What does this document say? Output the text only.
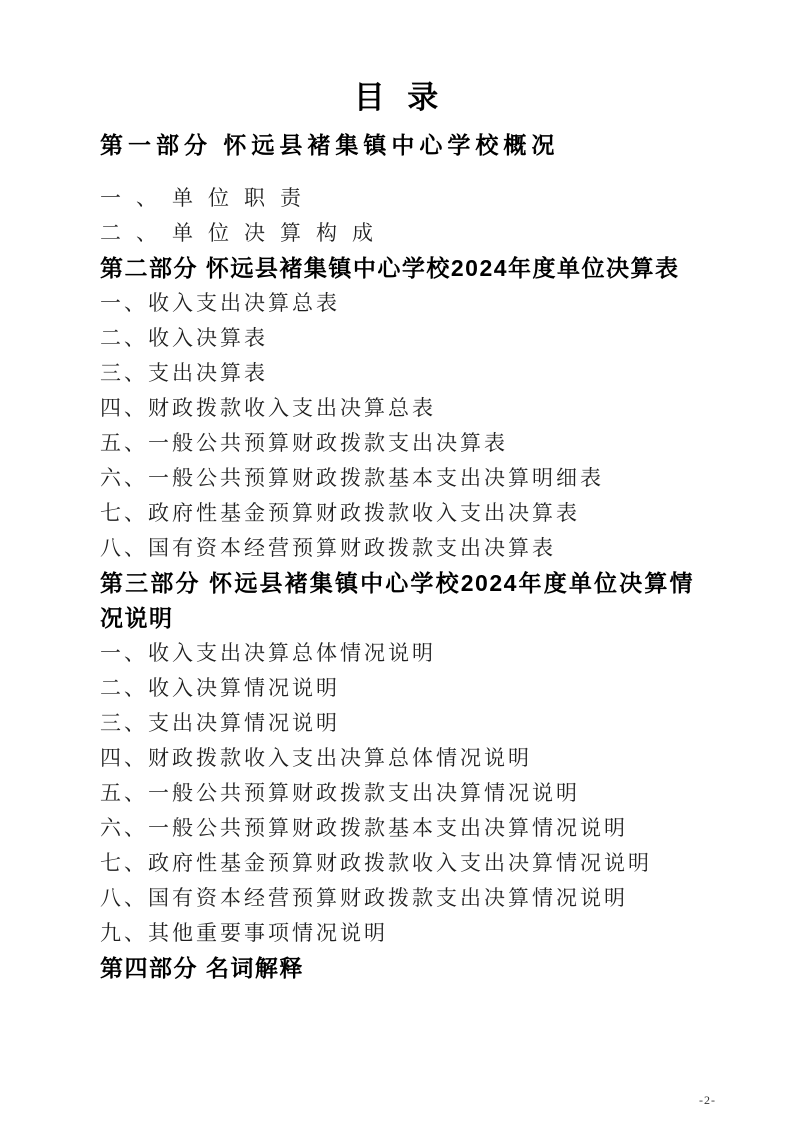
目 录
第一部分 怀远县褚集镇中心学校概况
一、单位职责
二、单位决算构成
第二部分 怀远县褚集镇中心学校2024年度单位决算表
一、收入支出决算总表
二、收入决算表
三、支出决算表
四、财政拨款收入支出决算总表
五、一般公共预算财政拨款支出决算表
六、一般公共预算财政拨款基本支出决算明细表
七、政府性基金预算财政拨款收入支出决算表
八、国有资本经营预算财政拨款支出决算表
第三部分 怀远县褚集镇中心学校2024年度单位决算情况说明
一、收入支出决算总体情况说明
二、收入决算情况说明
三、支出决算情况说明
四、财政拨款收入支出决算总体情况说明
五、一般公共预算财政拨款支出决算情况说明
六、一般公共预算财政拨款基本支出决算情况说明
七、政府性基金预算财政拨款收入支出决算情况说明
八、国有资本经营预算财政拨款支出决算情况说明
九、其他重要事项情况说明
第四部分 名词解释
-2-
